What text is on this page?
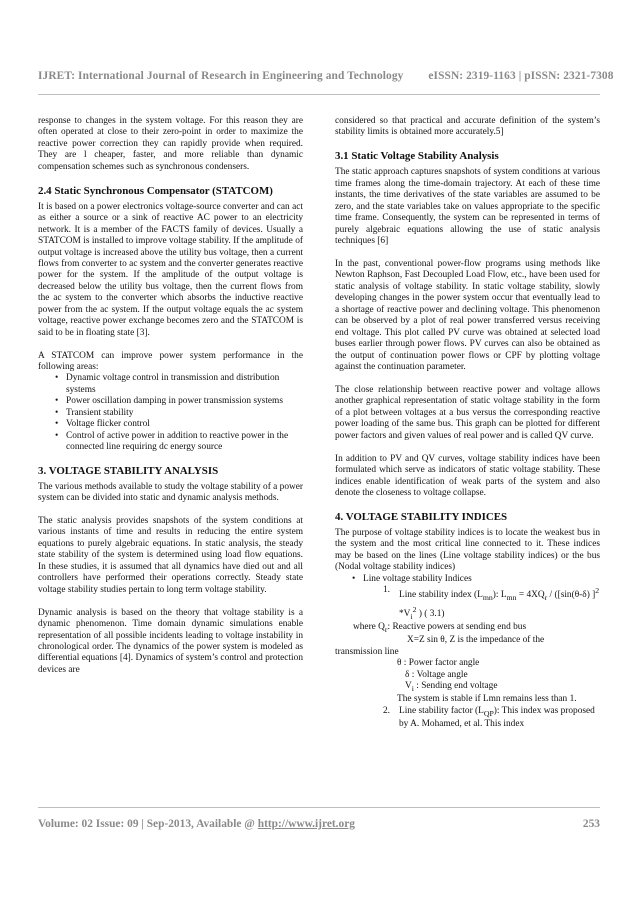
IJRET: International Journal of Research in Engineering and Technology eISSN: 2319-1163 | pISSN: 2321-7308

response to changes in the system voltage. For this reason they are often operated at close to their zero-point in order to maximize the reactive power correction they can rapidly provide when required. They are l cheaper, faster, and more reliable than dynamic compensation schemes such as synchronous condensers.

2.4 Static Synchronous Compensator (STATCOM)

It is based on a power electronics voltage-source converter and can act as either a source or a sink of reactive AC power to an electricity network. It is a member of the FACTS family of devices. Usually a STATCOM is installed to improve voltage stability. If the amplitude of output voltage is increased above the utility bus voltage, then a current flows from converter to ac system and the converter generates reactive power for the system. If the amplitude of the output voltage is decreased below the utility bus voltage, then the current flows from the ac system to the converter which absorbs the inductive reactive power from the ac system. If the output voltage equals the ac system voltage, reactive power exchange becomes zero and the STATCOM is said to be in floating state [3].

A STATCOM can improve power system performance in the following areas:

• Dynamic voltage control in transmission and distribution systems
• Power oscillation damping in power transmission systems
• Transient stability
• Voltage flicker control
• Control of active power in addition to reactive power in the connected line requiring dc energy source
3. VOLTAGE STABILITY ANALYSIS

The various methods available to study the voltage stability of a power system can be divided into static and dynamic analysis methods.

The static analysis provides snapshots of the system conditions at various instants of time and results in reducing the entire system equations to purely algebraic equations. In static analysis, the steady state stability of the system is determined using load flow equations. In these studies, it is assumed that all dynamics have died out and all controllers have performed their operations correctly. Steady state voltage stability studies pertain to long term voltage stability.

Dynamic analysis is based on the theory that voltage stability is a dynamic phenomenon. Time domain dynamic simulations enable representation of all possible incidents leading to voltage instability in chronological order. The dynamics of the power system is modeled as differential equations [4]. Dynamics of system’s control and protection devices are

considered so that practical and accurate definition of the system’s stability limits is obtained more accurately.5]

3.1 Static Voltage Stability Analysis

The static approach captures snapshots of system conditions at various time frames along the time-domain trajectory. At each of these time instants, the time derivatives of the state variables are assumed to be zero, and the state variables take on values appropriate to the specific time frame. Consequently, the system can be represented in terms of purely algebraic equations allowing the use of static analysis techniques [6]

In the past, conventional power-flow programs using methods like Newton Raphson, Fast Decoupled Load Flow, etc., have been used for static analysis of voltage stability. In static voltage stability, slowly developing changes in the power system occur that eventually lead to a shortage of reactive power and declining voltage. This phenomenon can be observed by a plot of real power transferred versus receiving end voltage. This plot called PV curve was obtained at selected load buses earlier through power flows. PV curves can also be obtained as the output of continuation power flows or CPF by plotting voltage against the continuation parameter.

The close relationship between reactive power and voltage allows another graphical representation of static voltage stability in the form of a plot between voltages at a bus versus the corresponding reactive power loading of the same bus. This graph can be plotted for different power factors and given values of real power and is called QV curve.

In addition to PV and QV curves, voltage stability indices have been formulated which serve as indicators of static voltage stability. These indices enable identification of weak parts of the system and also denote the closeness to voltage collapse.

4. VOLTAGE STABILITY INDICES

The purpose of voltage stability indices is to locate the weakest bus in the system and the most critical line connected to it. These indices may be based on the lines (Line voltage stability indices) or the bus (Nodal voltage stability indices)

• Line voltage stability Indices
1.
Line stability index $(L_{mn})$: $L_{mn} = 4XQ_r / ([\sin(\theta-\delta)$ ]$^2$ $*V_i^2$ ) ( 3.1)
where $Q_r$: Reactive powers at sending end bus
X=Z sin θ, Z is the impedance of the
transmission line
θ : Power factor angle
δ : Voltage angle
$V_i$ : Sending end voltage
The system is stable if Lmn remains less than 1.
2. Line stability factor $(L_{QP})$: This index was proposed by A. Mohamed, et al. This index
Volume: 02 Issue: 09 | Sep-2013, Available @ http://www.ijret.org	253
